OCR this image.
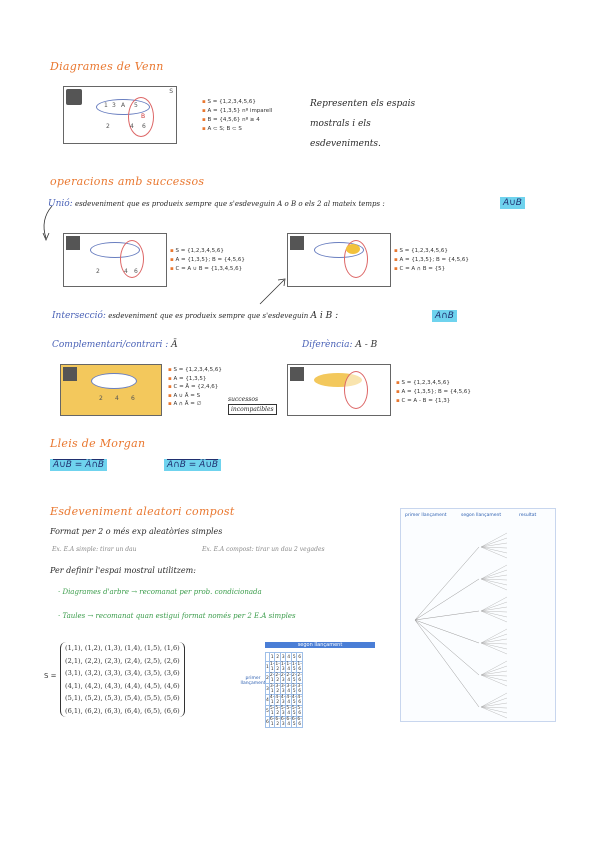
Diagrames de Venn
S
1 3 A 5
B
2	4 6
▪ S = {1,2,3,4,5,6}
▪ A = {1,3,5} nº imparell
▪ B = {4,5,6} nº ≥ 4
▪ A ⊂ S; B ⊂ S
Representen els espais
mostrals i els
esdeveniments.
operacions amb successos
Unió: esdeveniment que es produeix sempre que s'esdeveguin A o B o els 2 al mateix temps :	A∪B
2	4 6
▪ S = {1,2,3,4,5,6}
▪ A = {1,3,5}; B = {4,5,6}
▪ C = A ∪ B = {1,3,4,5,6}
▪ S = {1,2,3,4,5,6}
▪ A = {1,3,5}; B = {4,5,6}
▪ C = A ∩ B = {5}
Intersecció: esdeveniment que es produeix sempre que s'esdeveguin A i B :	A∩B
Complementari/contrari : Ā	Diferència: A - B
2 4 6
▪ S = {1,2,3,4,5,6}
▪ A = {1,3,5}
▪ C = Ā = {2,4,6}
▪ A ∪ Ā = S
▪ A ∩ Ā = ∅
successos
incompatibles
▪ S = {1,2,3,4,5,6}
▪ A = {1,3,5}; B = {4,5,6}
▪ C = A - B = {1,3}
Lleis de Morgan
A∪B = Ā∩B̄	A∩B = Ā∪B̄
Esdeveniment aleatori compost
Format per 2 o més exp aleatòries simples
Ex. E.A simple: tirar un dau	Ex. E.A compost: tirar un dau 2 vegades
Per definir l'espai mostral utilitzem:
· Diagrames d'arbre → recomanat per prob. condicionada
· Taules → recomanat quan estigui format només per 2 E.A simples
S =
(1,1), (1,2), (1,3), (1,4), (1,5), (1,6)
(2,1), (2,2), (2,3), (2,4), (2,5), (2,6)
(3,1), (3,2), (3,3), (3,4), (3,5), (3,6)
(4,1), (4,2), (4,3), (4,4), (4,5), (4,6)
(5,1), (5,2), (5,3), (5,4), (5,5), (5,6)
(6,1), (6,2), (6,3), (6,4), (6,5), (6,6)
segon llançament
primer llançament
	1	2	3	4	5	6
1	1-1	1-2	1-3	1-4	1-5	1-6
2	2-1	2-2	2-3	2-4	2-5	2-6
3	3-1	3-2	3-3	3-4	3-5	3-6
4	4-1	4-2	4-3	4-4	4-5	4-6
5	5-1	5-2	5-3	5-4	5-5	5-6
6	6-1	6-2	6-3	6-4	6-5	6-6
primer llançament	segon llançament	resultat
